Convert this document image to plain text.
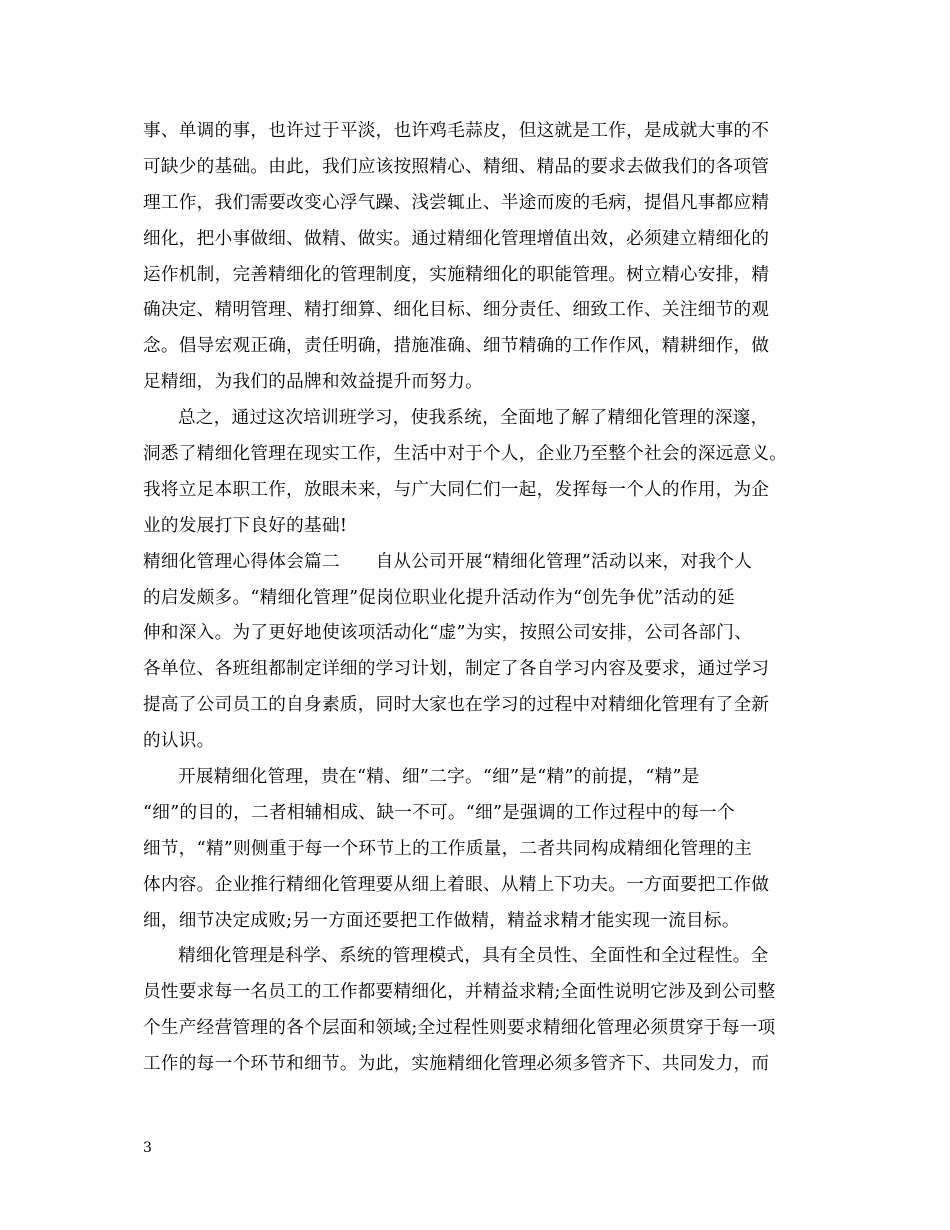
事、单调的事，也许过于平淡，也许鸡毛蒜皮，但这就是工作，是成就大事的不
可缺少的基础。由此，我们应该按照精心、精细、精品的要求去做我们的各项管
理工作，我们需要改变心浮气躁、浅尝辄止、半途而废的毛病，提倡凡事都应精
细化，把小事做细、做精、做实。通过精细化管理增值出效，必须建立精细化的
运作机制，完善精细化的管理制度，实施精细化的职能管理。树立精心安排，精
确决定、精明管理、精打细算、细化目标、细分责任、细致工作、关注细节的观
念。倡导宏观正确，责任明确，措施准确、细节精确的工作作风，精耕细作，做
足精细，为我们的品牌和效益提升而努力。
总之，通过这次培训班学习，使我系统，全面地了解了精细化管理的深邃，
洞悉了精细化管理在现实工作，生活中对于个人，企业乃至整个社会的深远意义。
我将立足本职工作，放眼未来，与广大同仁们一起，发挥每一个人的作用，为企
业的发展打下良好的基础!
精细化管理心得体会篇二　　自从公司开展“精细化管理”活动以来，对我个人
的启发颇多。“精细化管理”促岗位职业化提升活动作为“创先争优”活动的延
伸和深入。为了更好地使该项活动化“虚”为实，按照公司安排，公司各部门、
各单位、各班组都制定详细的学习计划，制定了各自学习内容及要求，通过学习
提高了公司员工的自身素质，同时大家也在学习的过程中对精细化管理有了全新
的认识。
开展精细化管理，贵在“精、细”二字。“细”是“精”的前提，“精”是
“细”的目的，二者相辅相成、缺一不可。“细”是强调的工作过程中的每一个
细节，“精”则侧重于每一个环节上的工作质量，二者共同构成精细化管理的主
体内容。企业推行精细化管理要从细上着眼、从精上下功夫。一方面要把工作做
细，细节决定成败;另一方面还要把工作做精，精益求精才能实现一流目标。
精细化管理是科学、系统的管理模式，具有全员性、全面性和全过程性。全
员性要求每一名员工的工作都要精细化，并精益求精;全面性说明它涉及到公司整
个生产经营管理的各个层面和领域;全过程性则要求精细化管理必须贯穿于每一项
工作的每一个环节和细节。为此，实施精细化管理必须多管齐下、共同发力，而
3
